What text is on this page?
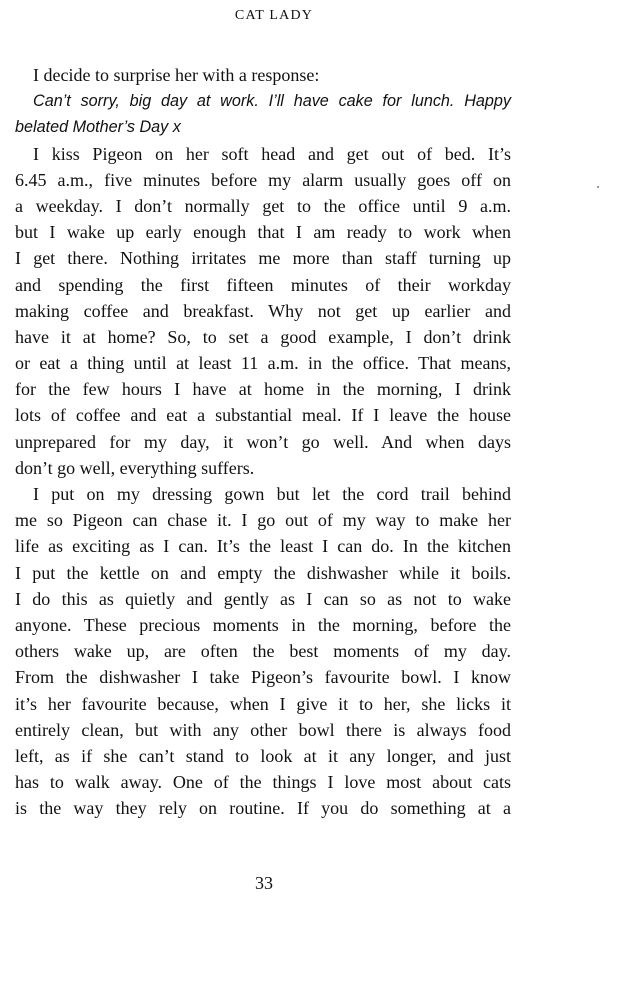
CAT LADY
I decide to surprise her with a response:
Can’t sorry, big day at work. I’ll have cake for lunch. Happy
belated Mother’s Day x
I kiss Pigeon on her soft head and get out of bed. It’s
6.45 a.m., five minutes before my alarm usually goes off on
a weekday. I don’t normally get to the office until 9 a.m.
but I wake up early enough that I am ready to work when
I get there. Nothing irritates me more than staff turning up
and spending the first fifteen minutes of their workday
making coffee and breakfast. Why not get up earlier and
have it at home? So, to set a good example, I don’t drink
or eat a thing until at least 11 a.m. in the office. That means,
for the few hours I have at home in the morning, I drink
lots of coffee and eat a substantial meal. If I leave the house
unprepared for my day, it won’t go well. And when days
don’t go well, everything suffers.
I put on my dressing gown but let the cord trail behind
me so Pigeon can chase it. I go out of my way to make her
life as exciting as I can. It’s the least I can do. In the kitchen
I put the kettle on and empty the dishwasher while it boils.
I do this as quietly and gently as I can so as not to wake
anyone. These precious moments in the morning, before the
others wake up, are often the best moments of my day.
From the dishwasher I take Pigeon’s favourite bowl. I know
it’s her favourite because, when I give it to her, she licks it
entirely clean, but with any other bowl there is always food
left, as if she can’t stand to look at it any longer, and just
has to walk away. One of the things I love most about cats
is the way they rely on routine. If you do something at a
33
